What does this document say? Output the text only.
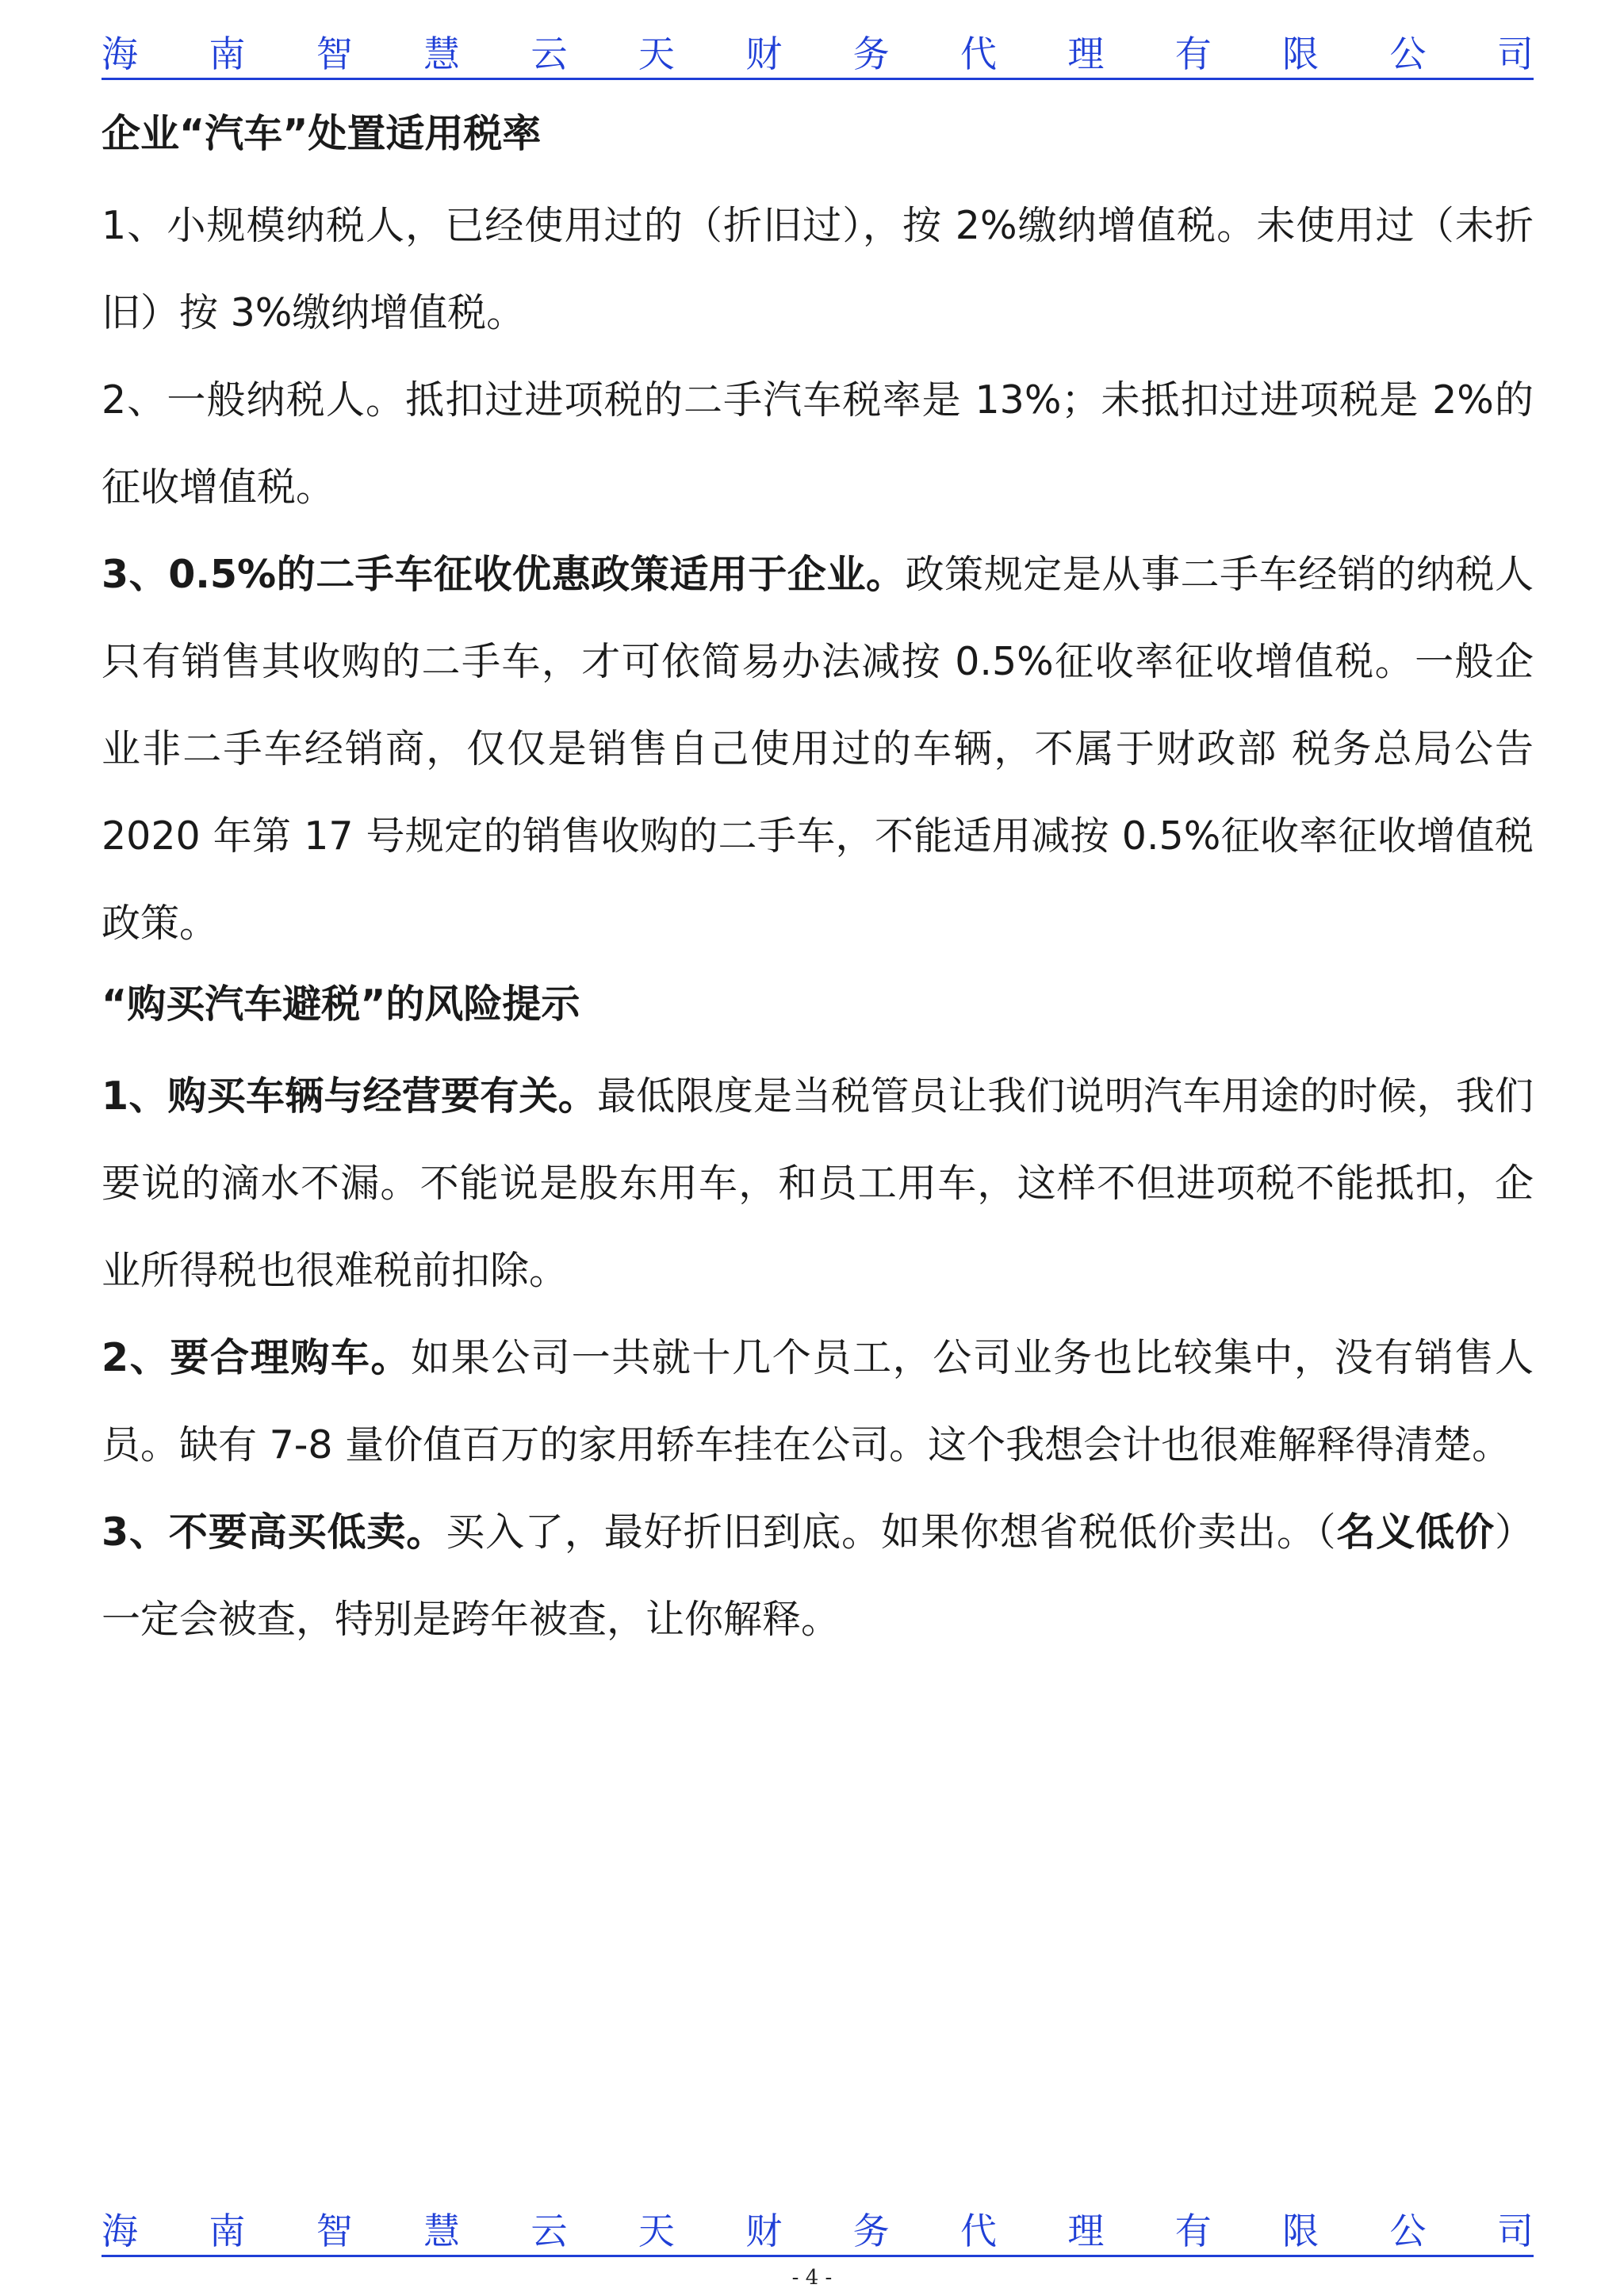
海 南 智 慧 云 天 财 务 代 理 有 限 公 司
企业“汽车”处置适用税率

1、小规模纳税人，已经使用过的（折旧过），按 2%缴纳增值税。未使用过（未折旧）按 3%缴纳增值税。

2、一般纳税人。抵扣过进项税的二手汽车税率是 13%；未抵扣过进项税是 2%的征收增值税。

3、0.5%的二手车征收优惠政策适用于企业。政策规定是从事二手车经销的纳税人只有销售其收购的二手车，才可依简易办法减按 0.5%征收率征收增值税。一般企业非二手车经销商，仅仅是销售自己使用过的车辆，不属于财政部 税务总局公告 2020 年第 17 号规定的销售收购的二手车，不能适用减按 0.5%征收率征收增值税政策。

“购买汽车避税”的风险提示

1、购买车辆与经营要有关。最低限度是当税管员让我们说明汽车用途的时候，我们要说的滴水不漏。不能说是股东用车，和员工用车，这样不但进项税不能抵扣，企业所得税也很难税前扣除。

2、要合理购车。如果公司一共就十几个员工，公司业务也比较集中，没有销售人员。缺有 7-8 量价值百万的家用轿车挂在公司。这个我想会计也很难解释得清楚。

3、不要高买低卖。买入了，最好折旧到底。如果你想省税低价卖出。（名义低价）一定会被查，特别是跨年被查，让你解释。

海 南 智 慧 云 天 财 务 代 理 有 限 公 司
- 4 -
